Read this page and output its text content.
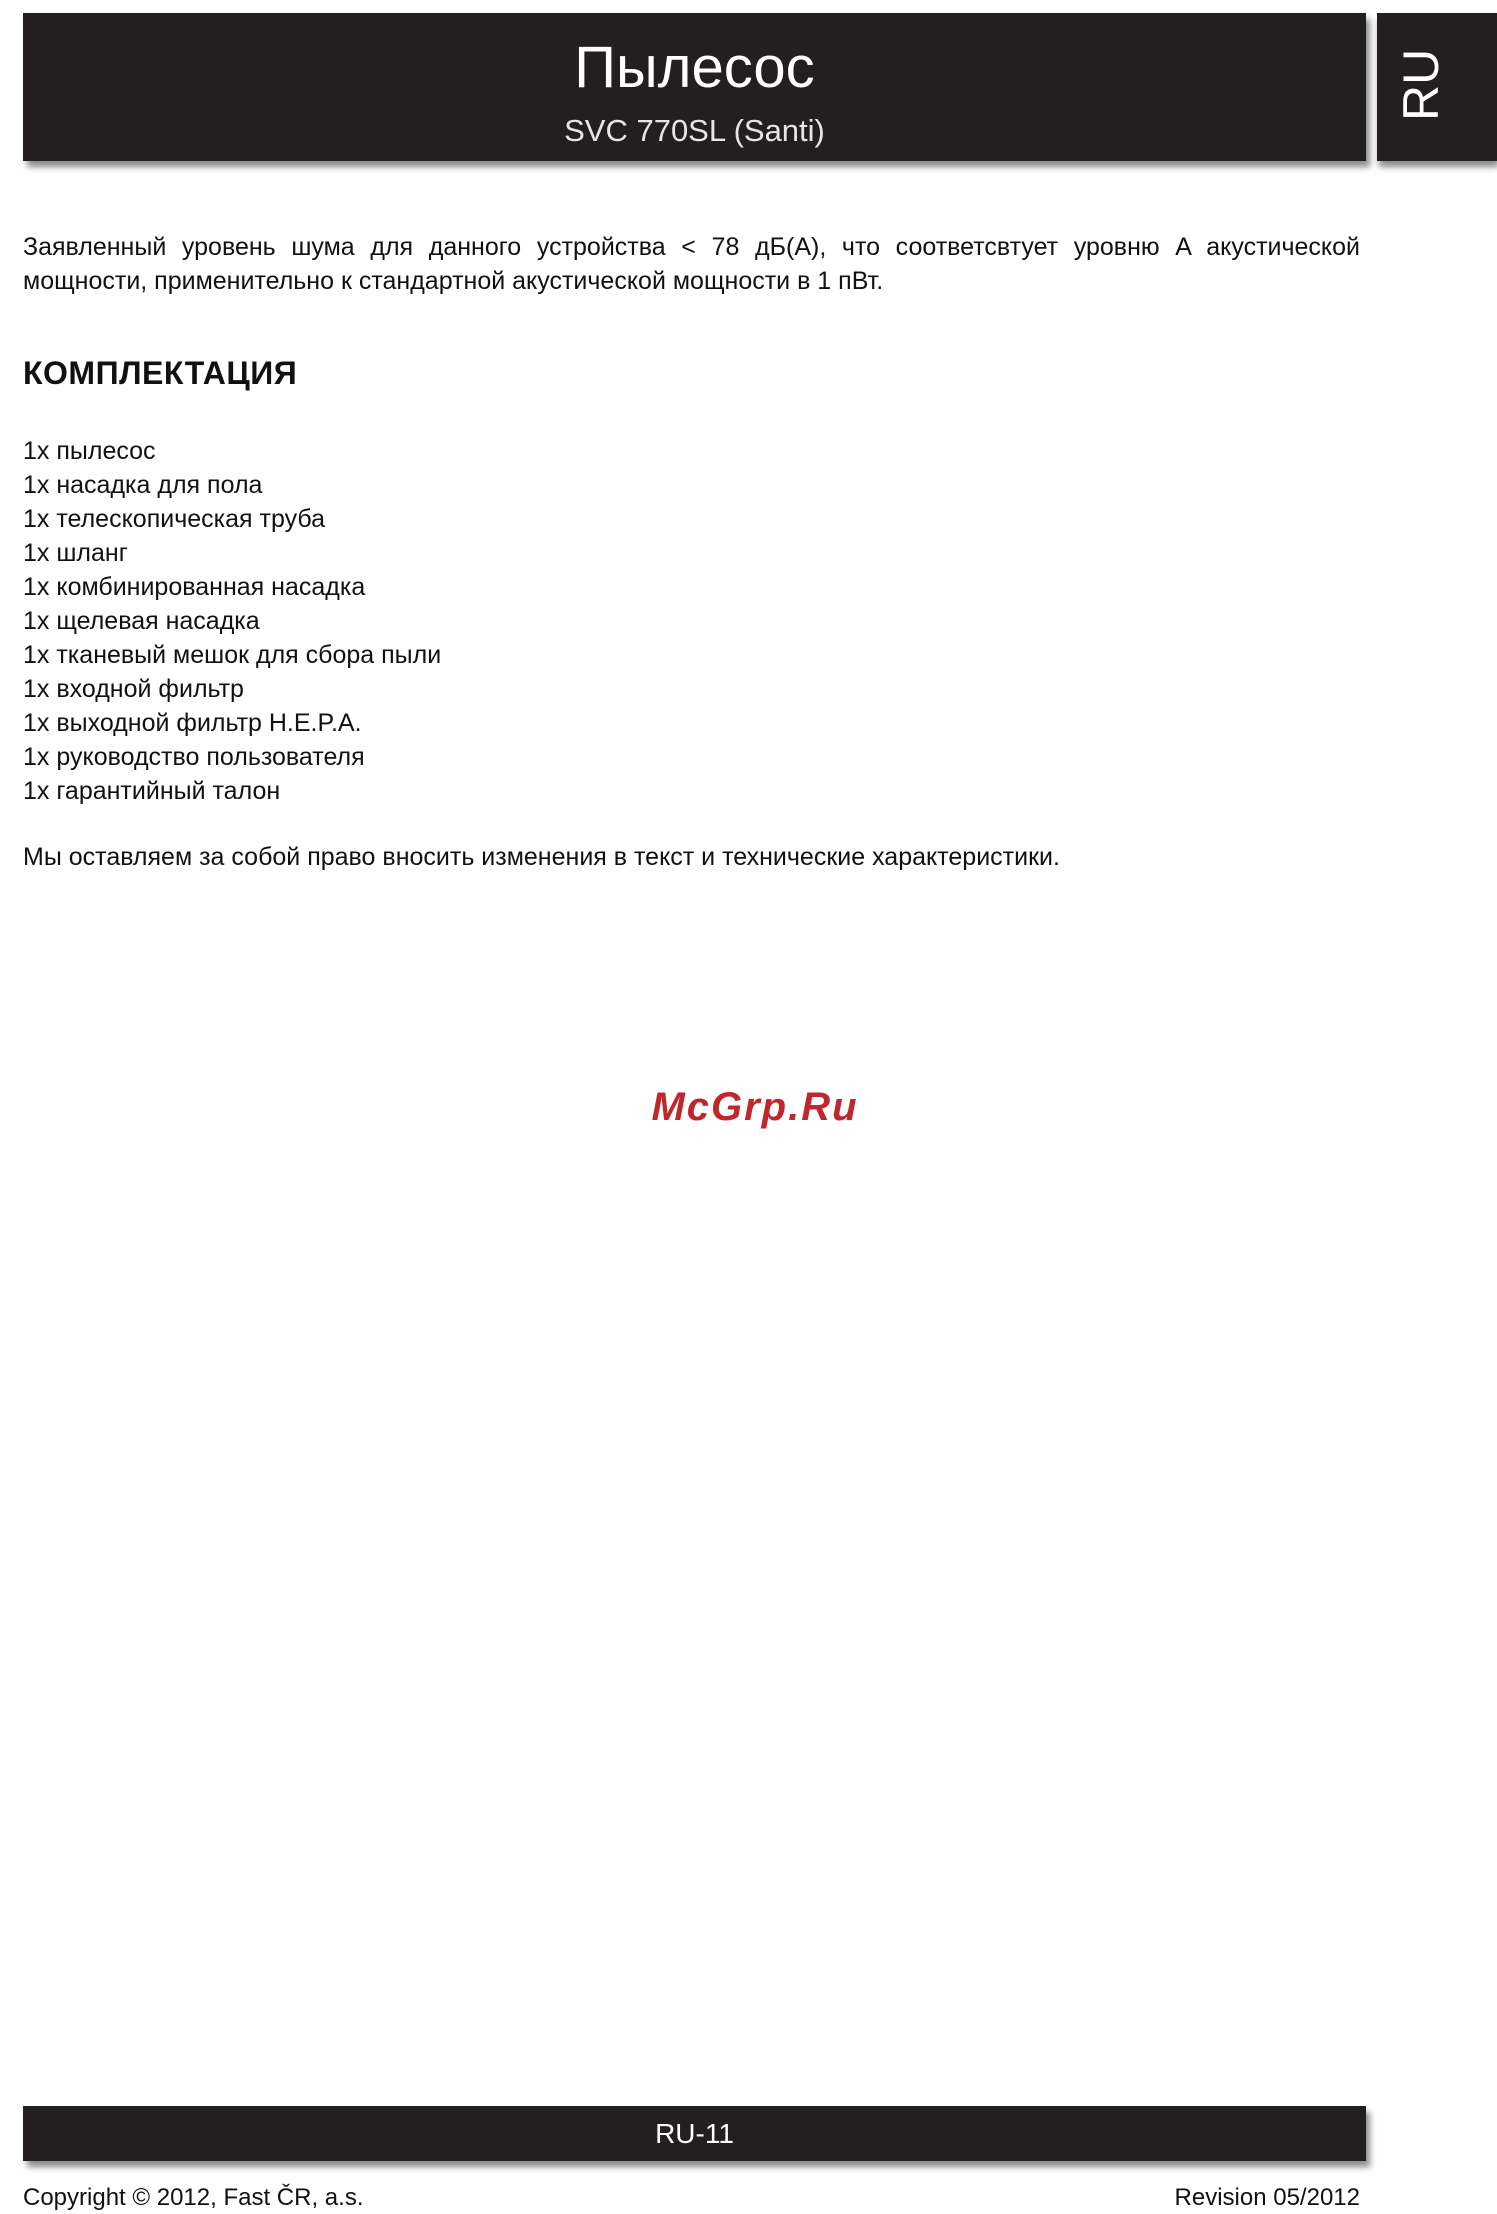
Пылесос
SVC 770SL (Santi)
RU

Заявленный уровень шума для данного устройства < 78 дБ(A), что соответсвтует уровню A акустической мощности, применительно к стандартной акустической мощности в 1 пВт.

КОМПЛЕКТАЦИЯ
1x пылесос
1x насадка для пола
1x телескопическая труба
1x шланг
1x комбинированная насадка
1x щелевая насадка
1x тканевый мешок для сбора пыли
1x входной фильтр
1x выходной фильтр H.E.P.A.
1x руководство пользователя
1x гарантийный талон

Мы оставляем за собой право вносить изменения в текст и технические характеристики.

McGrp.Ru
RU-11
Copyright © 2012, Fast ČR, a.s.	Revision 05/2012
